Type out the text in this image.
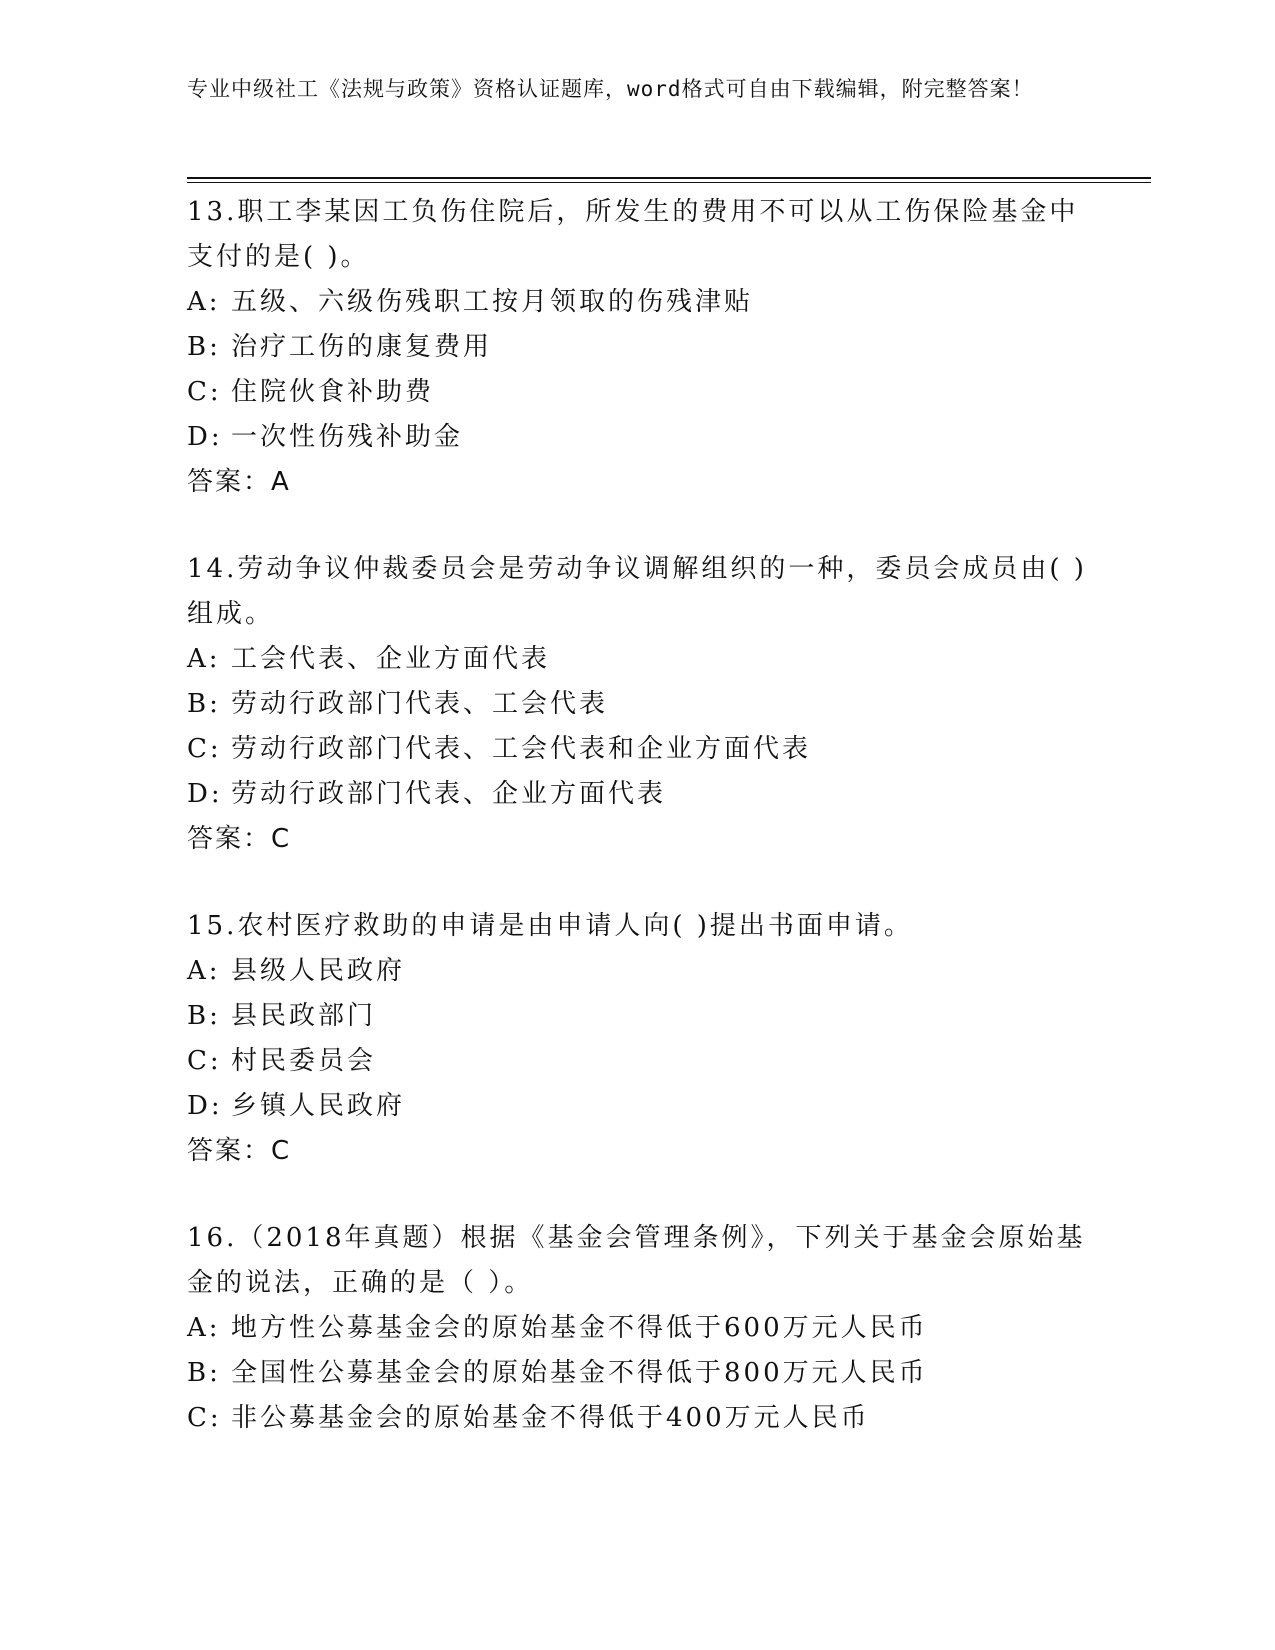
专业中级社工《法规与政策》资格认证题库，word格式可自由下载编辑，附完整答案！
13.职工李某因工负伤住院后，所发生的费用不可以从工伤保险基金中支付的是( )。
A: 五级、六级伤残职工按月领取的伤残津贴
B: 治疗工伤的康复费用
C: 住院伙食补助费
D: 一次性伤残补助金
答案：A
14.劳动争议仲裁委员会是劳动争议调解组织的一种，委员会成员由( )组成。
A: 工会代表、企业方面代表
B: 劳动行政部门代表、工会代表
C: 劳动行政部门代表、工会代表和企业方面代表
D: 劳动行政部门代表、企业方面代表
答案：C
15.农村医疗救助的申请是由申请人向( )提出书面申请。
A: 县级人民政府
B: 县民政部门
C: 村民委员会
D: 乡镇人民政府
答案：C
16.（2018年真题）根据《基金会管理条例》，下列关于基金会原始基金的说法，正确的是（ ）。
A: 地方性公募基金会的原始基金不得低于600万元人民币
B: 全国性公募基金会的原始基金不得低于800万元人民币
C: 非公募基金会的原始基金不得低于400万元人民币
